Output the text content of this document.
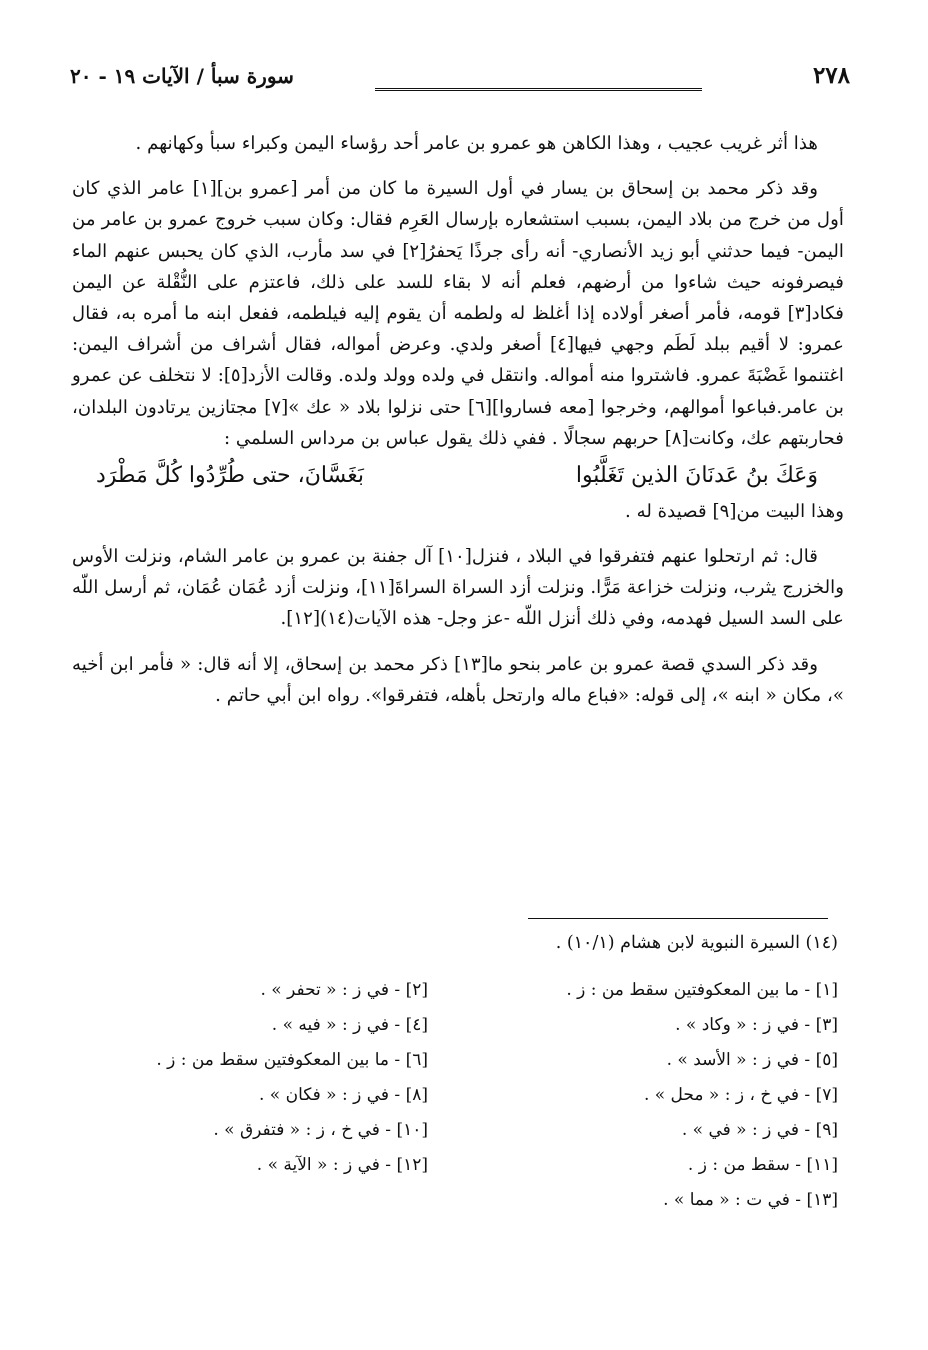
٢٧٨
سورة سبأ / الآيات ١٩ - ٢٠

هذا أثر غريب عجيب ، وهذا الكاهن هو عمرو بن عامر أحد رؤساء اليمن وكبراء سبأ وكهانهم .

وقد ذكر محمد بن إسحاق بن يسار في أول السيرة ما كان من أمر [عمرو بن][١] عامر الذي كان أول من خرج من بلاد اليمن، بسبب استشعاره بإرسال العَرِم فقال: وكان سبب خروج عمرو بن عامر من اليمن- فيما حدثني أبو زيد الأنصاري- أنه رأى جرذًا يَحفرُ[٢] في سد مأرب، الذي كان يحبس عنهم الماء فيصرفونه حيث شاءوا من أرضهم، فعلم أنه لا بقاء للسد على ذلك، فاعتزم على النُّقْلة عن اليمن فكاد[٣] قومه، فأمر أصغر أولاده إذا أغلظ له ولطمه أن يقوم إليه فيلطمه، ففعل ابنه ما أمره به، فقال عمرو: لا أقيم ببلد لَطَم وجهي فيها[٤] أصغر ولدي. وعرض أمواله، فقال أشراف من أشراف اليمن: اغتنموا غَضْبَةَ عمرو. فاشتروا منه أمواله. وانتقل في ولده وولد ولده. وقالت الأزد[٥]: لا نتخلف عن عمرو بن عامر.فباعوا أموالهم، وخرجوا [معه فساروا][٦] حتى نزلوا بلاد « عك »[٧] مجتازين يرتادون البلدان، فحاربتهم عك، وكانت[٨] حربهم سجالًا . ففي ذلك يقول عباس بن مرداس السلمي :

وَعَكَ بنُ عَدنَانَ الذين تَغَلَّبُوا
بَغَسَّانَ، حتى طُرِّدُوا كُلَّ مَطْرَد

وهذا البيت من[٩] قصيدة له .

قال: ثم ارتحلوا عنهم فتفرقوا في البلاد ، فنزل[١٠] آل جفنة بن عمرو بن عامر الشام، ونزلت الأوس والخزرج يثرب، ونزلت خزاعة مَرًّا. ونزلت أزد السراة السراةَ[١١]، ونزلت أزد عُمَان عُمَان، ثم أرسل اللّه على السد السيل فهدمه، وفي ذلك أنزل اللّه -عز وجل- هذه الآيات(١٤)[١٢].

وقد ذكر السدي قصة عمرو بن عامر بنحو ما[١٣] ذكر محمد بن إسحاق، إلا أنه قال: « فأمر ابن أخيه »، مكان « ابنه »، إلى قوله: «فباع ماله وارتحل بأهله، فتفرقوا». رواه ابن أبي حاتم .

(١٤) السيرة النبوية لابن هشام (١٠/١) .
[١] - ما بين المعكوفتين سقط من : ز .
[٢] - في ز : « تحفر » .
[٣] - في ز : « وكاد » .
[٤] - في ز : « فيه » .
[٥] - في ز : « الأسد » .
[٦] - ما بين المعكوفتين سقط من : ز .
[٧] - في خ ، ز : « محل » .
[٨] - في ز : « فكان » .
[٩] - في ز : « في » .
[١٠] - في خ ، ز : « فتفرق » .
[١١] - سقط من : ز .
[١٢] - في ز : « الآية » .
[١٣] - في ت : « مما » .
